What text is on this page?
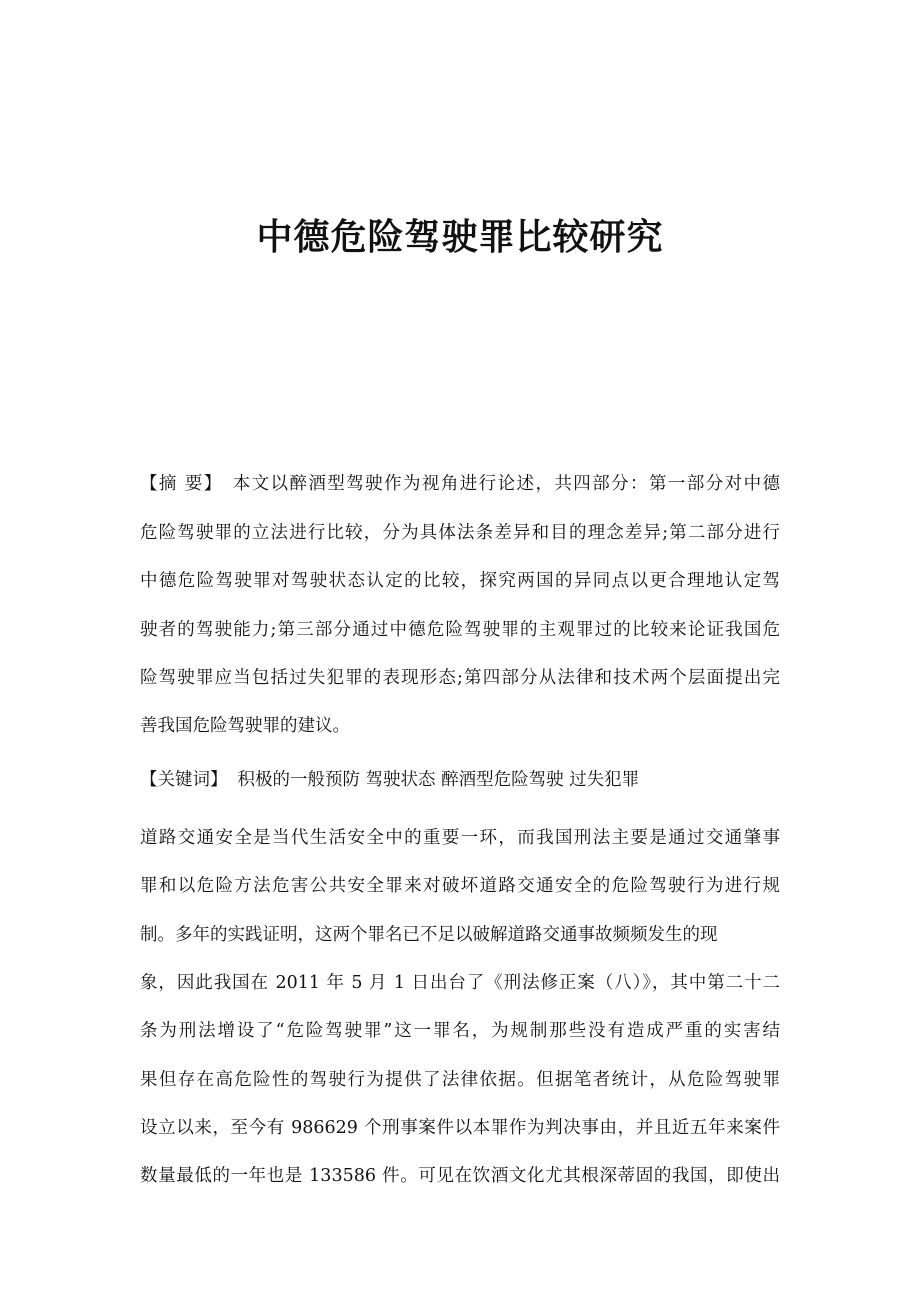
中德危险驾驶罪比较研究
【摘 要】 本文以醉酒型驾驶作为视角进行论述，共四部分：第一部分对中德
危险驾驶罪的立法进行比较，分为具体法条差异和目的理念差异;第二部分进行
中德危险驾驶罪对驾驶状态认定的比较，探究两国的异同点以更合理地认定驾
驶者的驾驶能力;第三部分通过中德危险驾驶罪的主观罪过的比较来论证我国危
险驾驶罪应当包括过失犯罪的表现形态;第四部分从法律和技术两个层面提出完
善我国危险驾驶罪的建议。
【关键词】 积极的一般预防 驾驶状态 醉酒型危险驾驶 过失犯罪
道路交通安全是当代生活安全中的重要一环，而我国刑法主要是通过交通肇事
罪和以危险方法危害公共安全罪来对破坏道路交通安全的危险驾驶行为进行规
制。多年的实践证明，这两个罪名已不足以破解道路交通事故频频发生的现
象，因此我国在 2011 年 5 月 1 日出台了《刑法修正案（八）》，其中第二十二
条为刑法增设了“危险驾驶罪”这一罪名，为规制那些没有造成严重的实害结
果但存在高危险性的驾驶行为提供了法律依据。但据笔者统计，从危险驾驶罪
设立以来，至今有 986629 个刑事案件以本罪作为判决事由，并且近五年来案件
数量最低的一年也是 133586 件。可见在饮酒文化尤其根深蒂固的我国，即使出
